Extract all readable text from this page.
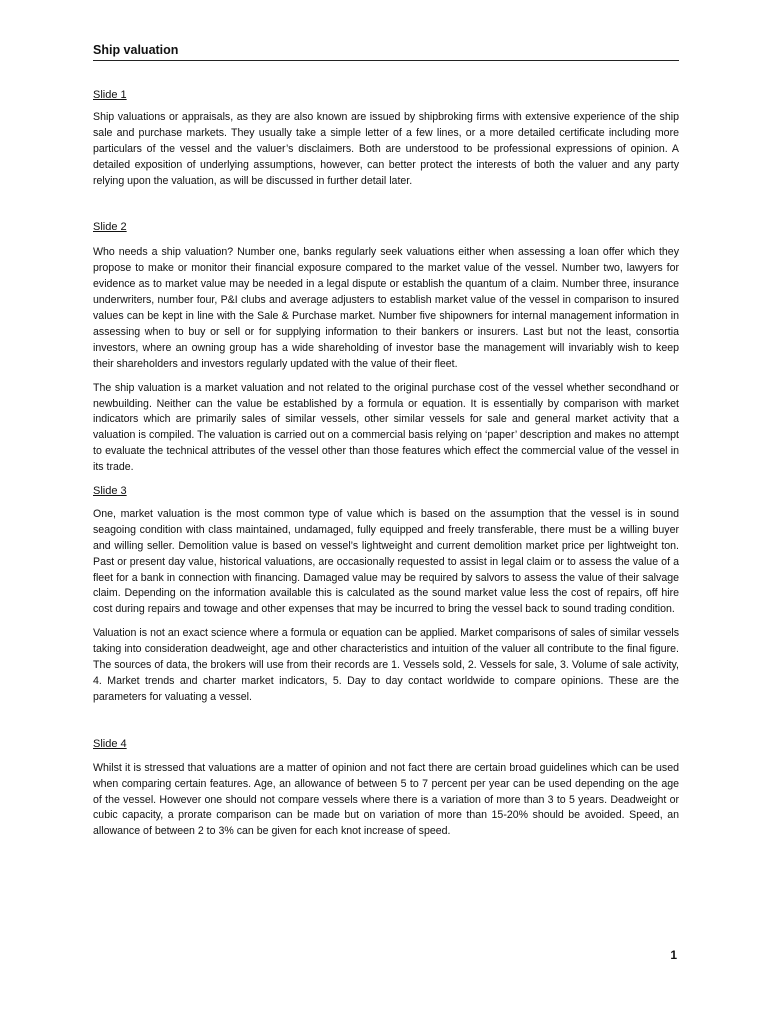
Ship valuation
Slide 1

Ship valuations or appraisals, as they are also known are issued by shipbroking firms with extensive experience of the ship sale and purchase markets. They usually take a simple letter of a few lines, or a more detailed certificate including more particulars of the vessel and the valuer’s disclaimers. Both are understood to be professional expressions of opinion. A detailed exposition of underlying assumptions, however, can better protect the interests of both the valuer and any party relying upon the valuation, as will be discussed in further detail later.

Slide 2

Who needs a ship valuation? Number one, banks regularly seek valuations either when assessing a loan offer which they propose to make or monitor their financial exposure compared to the market value of the vessel. Number two, lawyers for evidence as to market value may be needed in a legal dispute or establish the quantum of a claim. Number three, insurance underwriters, number four, P&I clubs and average adjusters to establish market value of the vessel in comparison to insured values can be kept in line with the Sale & Purchase market. Number five shipowners for internal management information in assessing when to buy or sell or for supplying information to their bankers or insurers. Last but not the least, consortia investors, where an owning group has a wide shareholding of investor base the management will invariably wish to keep their shareholders and investors regularly updated with the value of their fleet.

The ship valuation is a market valuation and not related to the original purchase cost of the vessel whether secondhand or newbuilding. Neither can the value be established by a formula or equation. It is essentially by comparison with market indicators which are primarily sales of similar vessels, other similar vessels for sale and general market activity that a valuation is compiled. The valuation is carried out on a commercial basis relying on ‘paper’ description and makes no attempt to evaluate the technical attributes of the vessel other than those features which effect the commercial value of the vessel in its trade.

Slide 3

One, market valuation is the most common type of value which is based on the assumption that the vessel is in sound seagoing condition with class maintained, undamaged, fully equipped and freely transferable, there must be a willing buyer and willing seller. Demolition value is based on vessel’s lightweight and current demolition market price per lightweight ton. Past or present day value, historical valuations, are occasionally requested to assist in legal claim or to assess the value of a fleet for a bank in connection with financing. Damaged value may be required by salvors to assess the value of their salvage claim. Depending on the information available this is calculated as the sound market value less the cost of repairs, off hire cost during repairs and towage and other expenses that may be incurred to bring the vessel back to sound trading condition.

Valuation is not an exact science where a formula or equation can be applied. Market comparisons of sales of similar vessels taking into consideration deadweight, age and other characteristics and intuition of the valuer all contribute to the final figure. The sources of data, the brokers will use from their records are 1. Vessels sold, 2. Vessels for sale, 3. Volume of sale activity, 4. Market trends and charter market indicators, 5. Day to day contact worldwide to compare opinions. These are the parameters for valuating a vessel.

Slide 4

Whilst it is stressed that valuations are a matter of opinion and not fact there are certain broad guidelines which can be used when comparing certain features. Age, an allowance of between 5 to 7 percent per year can be used depending on the age of the vessel. However one should not compare vessels where there is a variation of more than 3 to 5 years. Deadweight or cubic capacity, a prorate comparison can be made but on variation of more than 15-20% should be avoided. Speed, an allowance of between 2 to 3% can be given for each knot increase of speed.

1
